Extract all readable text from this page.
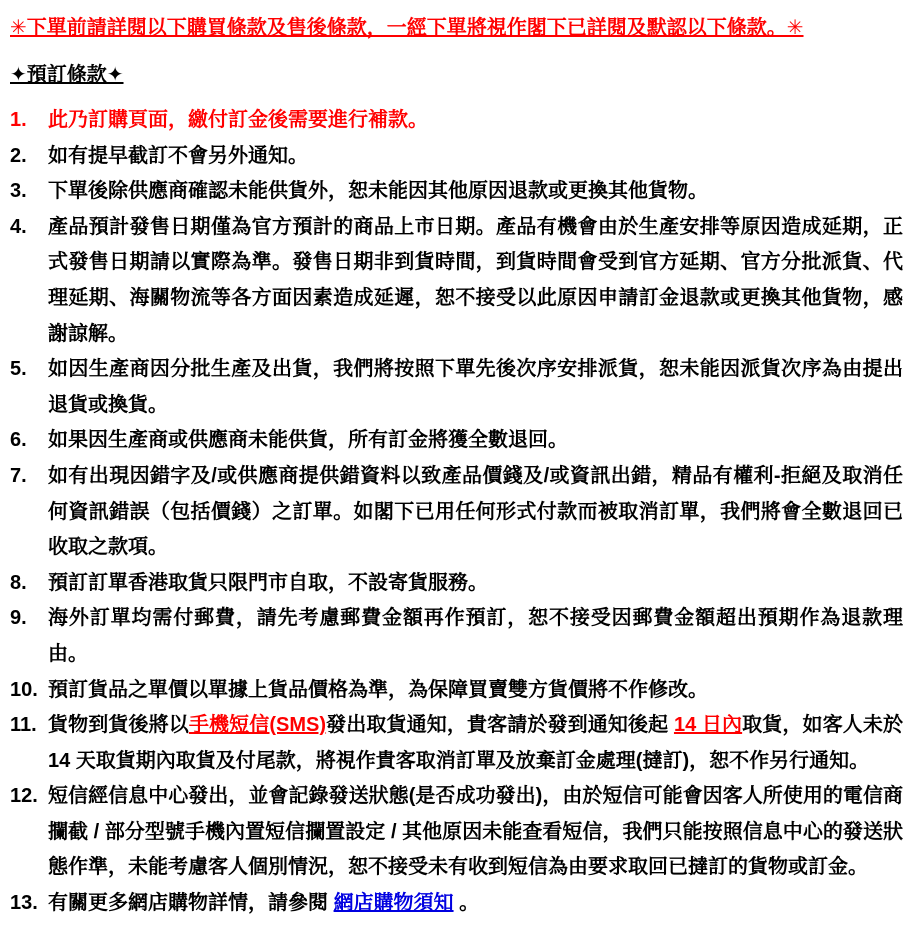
✳下單前請詳閱以下購買條款及售後條款，一經下單將視作閣下已詳閱及默認以下條款。✳
✦預訂條款✦
1.	此乃訂購頁面，繳付訂金後需要進行補款。
2.	如有提早截訂不會另外通知。
3.	下單後除供應商確認未能供貨外，恕未能因其他原因退款或更換其他貨物。
4.	產品預計發售日期僅為官方預計的商品上市日期。產品有機會由於生產安排等原因造成延期，正式發售日期請以實際為準。發售日期非到貨時間，到貨時間會受到官方延期、官方分批派貨、代理延期、海關物流等各方面因素造成延遲，恕不接受以此原因申請訂金退款或更換其他貨物，感謝諒解。
5.	如因生產商因分批生產及出貨，我們將按照下單先後次序安排派貨，恕未能因派貨次序為由提出退貨或換貨。
6.	如果因生產商或供應商未能供貨，所有訂金將獲全數退回。
7.	如有出現因錯字及/或供應商提供錯資料以致產品價錢及/或資訊出錯，精品有權利-拒絕及取消任何資訊錯誤（包括價錢）之訂單。如閣下已用任何形式付款而被取消訂單，我們將會全數退回已收取之款項。
8.	預訂訂單香港取貨只限門市自取，不設寄貨服務。
9.	海外訂單均需付郵費，請先考慮郵費金額再作預訂，恕不接受因郵費金額超出預期作為退款理由。
10. 預訂貨品之單價以單據上貨品價格為準，為保障買賣雙方貨價將不作修改。
11. 貨物到貨後將以手機短信(SMS)發出取貨通知，貴客請於發到通知後起 14 日內取貨，如客人未於 14 天取貨期內取貨及付尾款，將視作貴客取消訂單及放棄訂金處理(撻訂)，恕不作另行通知。
12. 短信經信息中心發出，並會記錄發送狀態(是否成功發出)，由於短信可能會因客人所使用的電信商攔截 / 部分型號手機內置短信攔置設定 / 其他原因未能查看短信，我們只能按照信息中心的發送狀態作準，未能考慮客人個別情況，恕不接受未有收到短信為由要求取回已撻訂的貨物或訂金。
13. 有關更多網店購物詳情，請參閱 網店購物須知 。
